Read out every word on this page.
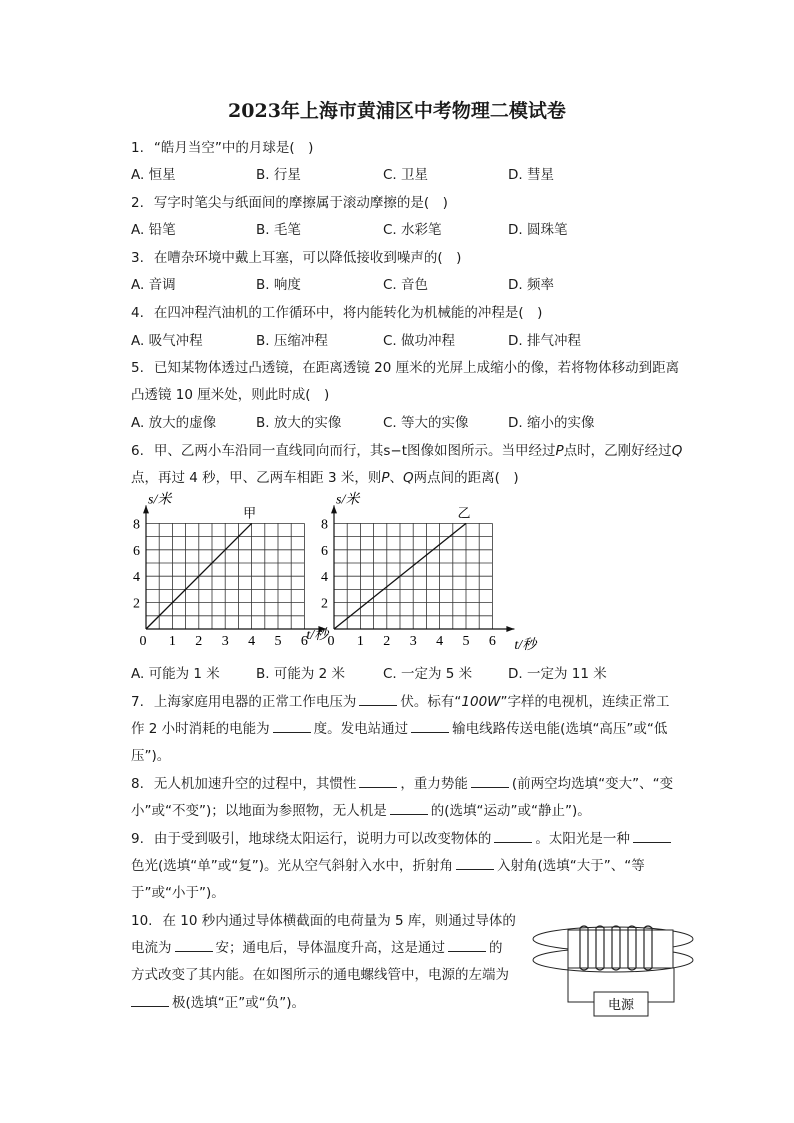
2023年上海市黄浦区中考物理二模试卷
1. “皓月当空”中的月球是(　)
A. 恒星	B. 行星	C. 卫星	D. 彗星
2. 写字时笔尖与纸面间的摩擦属于滚动摩擦的是(　)
A. 铅笔	B. 毛笔	C. 水彩笔	D. 圆珠笔
3. 在嘈杂环境中戴上耳塞，可以降低接收到噪声的(　)
A. 音调	B. 响度	C. 音色	D. 频率
4. 在四冲程汽油机的工作循环中，将内能转化为机械能的冲程是(　)
A. 吸气冲程	B. 压缩冲程	C. 做功冲程	D. 排气冲程
5. 已知某物体透过凸透镜，在距离透镜 20 厘米的光屏上成缩小的像，若将物体移动到距离
凸透镜 10 厘米处，则此时成(　)
A. 放大的虚像	B. 放大的实像	C. 等大的实像	D. 缩小的实像
6. 甲、乙两小车沿同一直线同向而行，其s−t图像如图所示。当甲经过P点时，乙刚好经过Q
点，再过 4 秒，甲、乙两车相距 3 米，则P、Q两点间的距离(　)
0 1 2 3 4 5 6
2
4
6
8
s/米
t/秒
甲
0 1 2 3 4 5 6
2
4
6
8
s/米
t/秒
乙
A. 可能为 1 米	B. 可能为 2 米	C. 一定为 5 米	D. 一定为 11 米
7. 上海家庭用电器的正常工作电压为	伏。标有“100W”字样的电视机，连续正常工
作 2 小时消耗的电能为	度。发电站通过	输电线路传送电能(选填“高压”或“低
压”)。
8. 无人机加速升空的过程中，其惯性	，重力势能	(前两空均选填“变大”、“变
小”或“不变”)；以地面为参照物，无人机是	的(选填“运动”或“静止”)。
9. 由于受到吸引，地球绕太阳运行，说明力可以改变物体的	。太阳光是一种
色光(选填“单”或“复”)。光从空气斜射入水中，折射角	入射角(选填“大于”、“等
于”或“小于”)。
10. 在 10 秒内通过导体横截面的电荷量为 5 库，则通过导体的
电流为	安；通电后，导体温度升高，这是通过	的
方式改变了其内能。在如图所示的通电螺线管中，电源的左端为
极(选填“正”或“负”)。	电源
